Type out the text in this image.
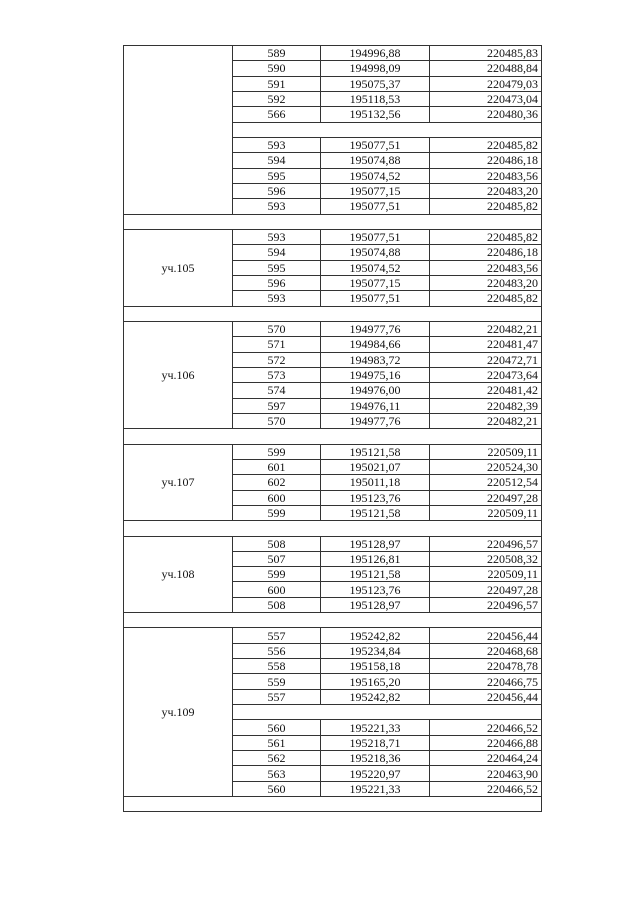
	589	194996,88	220485,83
	590	194998,09	220488,84
	591	195075,37	220479,03
	592	195118,53	220473,04
	566	195132,56	220480,36

	593	195077,51	220485,82
	594	195074,88	220486,18
	595	195074,52	220483,56
	596	195077,15	220483,20
	593	195077,51	220485,82

уч.105	593	195077,51	220485,82
	594	195074,88	220486,18
	595	195074,52	220483,56
	596	195077,15	220483,20
	593	195077,51	220485,82

уч.106	570	194977,76	220482,21
	571	194984,66	220481,47
	572	194983,72	220472,71
	573	194975,16	220473,64
	574	194976,00	220481,42
	597	194976,11	220482,39
	570	194977,76	220482,21

уч.107	599	195121,58	220509,11
	601	195021,07	220524,30
	602	195011,18	220512,54
	600	195123,76	220497,28
	599	195121,58	220509,11

уч.108	508	195128,97	220496,57
	507	195126,81	220508,32
	599	195121,58	220509,11
	600	195123,76	220497,28
	508	195128,97	220496,57

уч.109	557	195242,82	220456,44
	556	195234,84	220468,68
	558	195158,18	220478,78
	559	195165,20	220466,75
	557	195242,82	220456,44

	560	195221,33	220466,52
	561	195218,71	220466,88
	562	195218,36	220464,24
	563	195220,97	220463,90
	560	195221,33	220466,52
